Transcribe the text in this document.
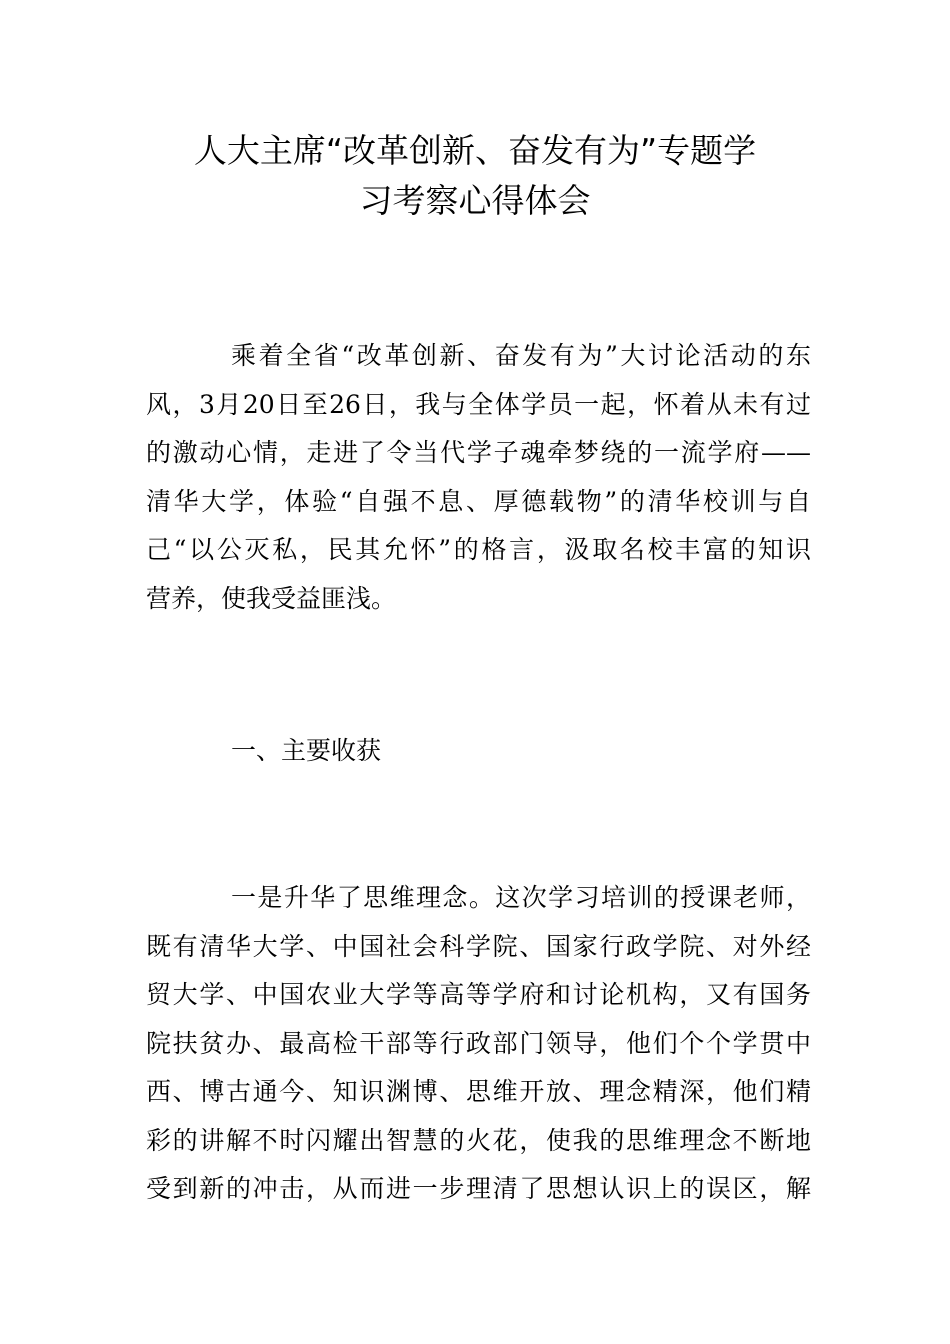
人大主席“改革创新、奋发有为”专题学
习考察心得体会
乘着全省“改革创新、奋发有为”大讨论活动的东
风，3月20日至26日，我与全体学员一起，怀着从未有过
的激动心情，走进了令当代学子魂牵梦绕的一流学府——
清华大学，体验“自强不息、厚德载物”的清华校训与自
己“以公灭私，民其允怀”的格言，汲取名校丰富的知识
营养，使我受益匪浅。
一、主要收获
一是升华了思维理念。这次学习培训的授课老师，
既有清华大学、中国社会科学院、国家行政学院、对外经
贸大学、中国农业大学等高等学府和讨论机构，又有国务
院扶贫办、最高检干部等行政部门领导，他们个个学贯中
西、博古通今、知识渊博、思维开放、理念精深，他们精
彩的讲解不时闪耀出智慧的火花，使我的思维理念不断地
受到新的冲击，从而进一步理清了思想认识上的误区，解
